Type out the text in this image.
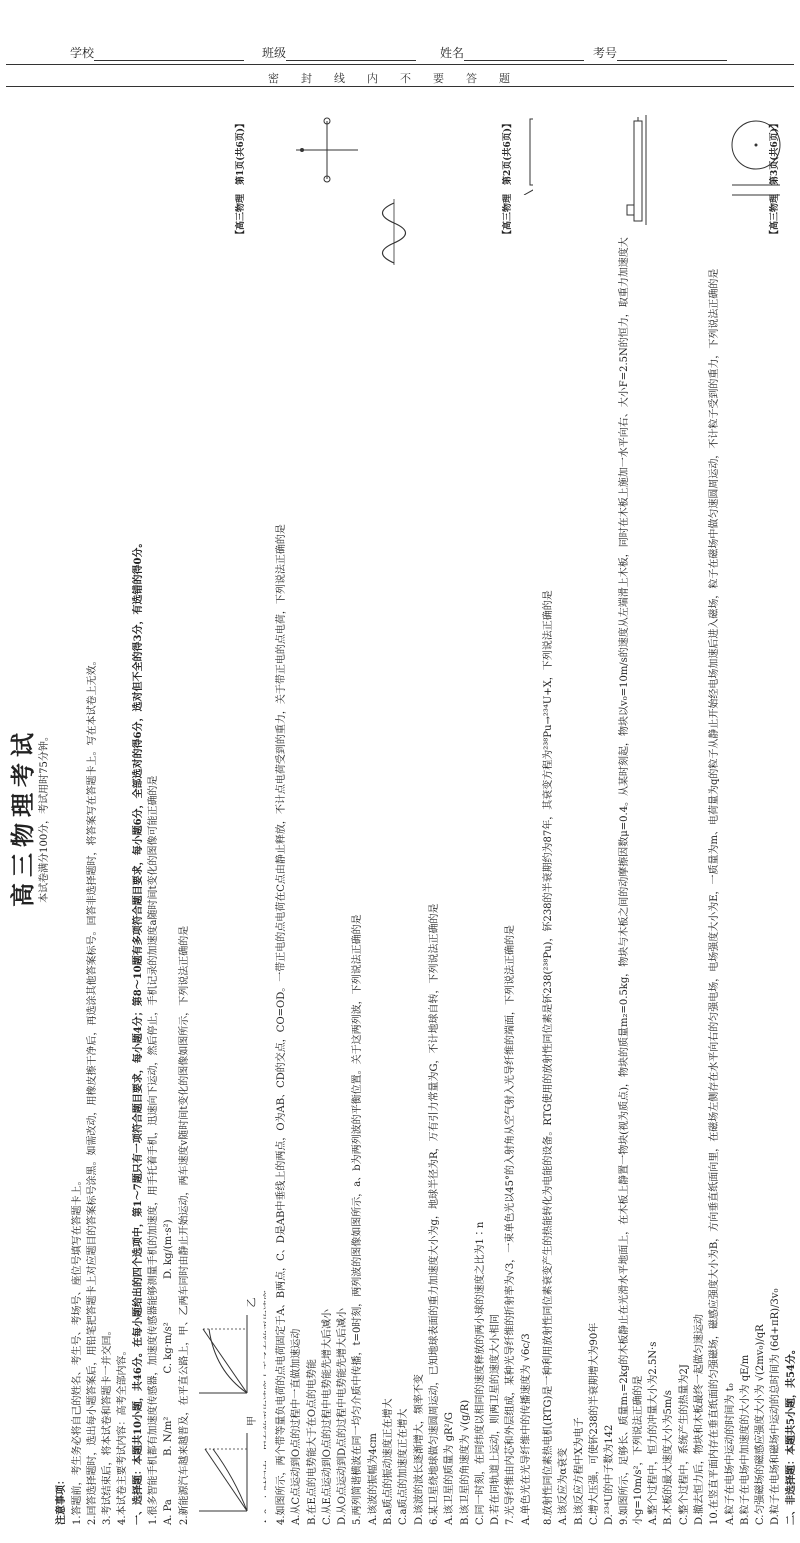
学校	班级	姓名	考号
密封线内不要答题
高三物理考试 本试卷满分100分，考试用时75分钟。
注意事项： 1.答题前，考生务必将自己的姓名、考生号、考场号、座位号填写在答题卡上。 2.回答选择题时，选出每小题答案后，用铅笔把答题卡上对应题目的答案标号涂黑。如需改动，用橡皮擦干净后，再选涂其他答案标号。回答非选择题时，将答案写在答题卡上。写在本试卷上无效。 3.考试结束后，将本试卷和答题卡一并交回。 4.本试卷主要考试内容：高考全部内容。 一、选择题：本题共10小题，共46分。在每小题给出的四个选项中，第1～7题只有一项符合题目要求，每小题4分；第8～10题有多项符合题目要求，每小题6分，全部选对的得6分，选对但不全的得3分，有选错的得0分。 1.很多智能手机都有加速度传感器，加速度传感器能够测量手机的加速度，用手托着手机，迅速向下运动，然后停止，手机记录的加速度a随时间t变化的图像可能正确的是 A. Pa　　　　 B. N/m²　　　　 C. kg·m/s²　　　　 D. kg/(m·s²) 2.新能源汽车越来越普及，在平直公路上，甲、乙两车同时由静止开始运动，两车速度v随时间t变化的图像如图所示，下列说法正确的是	甲  乙
【高三物理　第1页(共6页)】
4.如图所示，两个带等量负电荷的点电荷固定于A、B两点，C、D是AB中垂线上的两点，O为AB、CD的交点，CO=OD。一带正电的点电荷在C点由静止释放，不计点电荷受到的重力，关于带正电的点电荷，下列说法正确的是 A.从C点运动到O点的过程中一直做加速运动 B.在E点的电势能大于在O点的电势能 C.从E点运动到O点的过程中电势能先增大后减小 D.从O点运动到D点的过程中电势能先增大后减小 5.两列简谐横波在同一均匀介质中传播，t=0时刻，两列波的图像如图所示，a、b为两列波的平衡位置。关于这两列波，下列说法正确的是 A.该波的振幅为4cm B.a质点的振动速度正在增大 C.a质点的加速度正在增大 D.该波的波长逐渐增大，频率不变 6.某卫星绕地球做匀速圆周运动，已知地球表面的重力加速度大小为g，地球半径为R，万有引力常量为G，不计地球自转，下列说法正确的是 A.该卫星的质量为 gR²/G B.该卫星的角速度为 √(g/R) C.同一时刻，在同纬度以相同的速度释放的两小球的速度之比为1∶n D.若在同轨道上运动，则两卫星的速度大小相同 7.光导纤维由内芯和外层组成，某种光导纤维的折射率为√3，一束单色光以45°的入射角从空气射入光导纤维的端面，下列说法正确的是 A.单色光在光导纤维中的传播速度为 √6c/3
【高三物理　第2页(共6页)】
8.放射性同位素热电机(RTG)是一种利用放射性同位素衰变产生的热能转化为电能的设备。RTG使用的放射性同位素是钚238(²³⁸Pu)，钚238的半衰期约为87年，其衰变方程为²³⁸Pu→²³⁴U+X，下列说法正确的是 A.该反应为α衰变 B.该反应方程中X为电子 C.增大压强，可使钚238的半衰期增大为90年 D.²³⁴U的中子数为142 9.如图所示，足够长、质量m₁=2kg的木板静止在光滑水平地面上，在木板上静置一物块(视为质点)，物块的质量m₂=0.5kg，物块与木板之间的动摩擦因数μ=0.4。从某时刻起，物块以v₀=10m/s的速度从左端滑上木板，同时在木板上施加一水平向右、大小F=2.5N的恒力，取重力加速度大小g=10m/s²，下列说法正确的是 A.整个过程中，恒力的冲量大小为2.5N·s B.木板的最大速度大小为5m/s C.整个过程中，系统产生的热量为2J D.撤去恒力后，物块和木板最终一起做匀速运动 10.在竖直平面内存在垂直纸面的匀强磁场，磁感应强度大小为B，方向垂直纸面向里，在磁场左侧存在水平向右的匀强电场，电场强度大小为E，一质量为m、电荷量为q的粒子从静止开始经电场加速后进入磁场，粒子在磁场中做匀速圆周运动，不计粒子受到的重力，下列说法正确的是 A.粒子在电场中运动的时间为 t₀ B.粒子在电场中加速度的大小为 qE/m C.匀强磁场的磁感应强度大小为 √(2mv₀)/qR D.粒子在电场和磁场中运动的总时间为 (6d+πR)/3v₀ 二、非选择题：本题共5小题，共54分。
【高三物理　第3页(共6页)】
